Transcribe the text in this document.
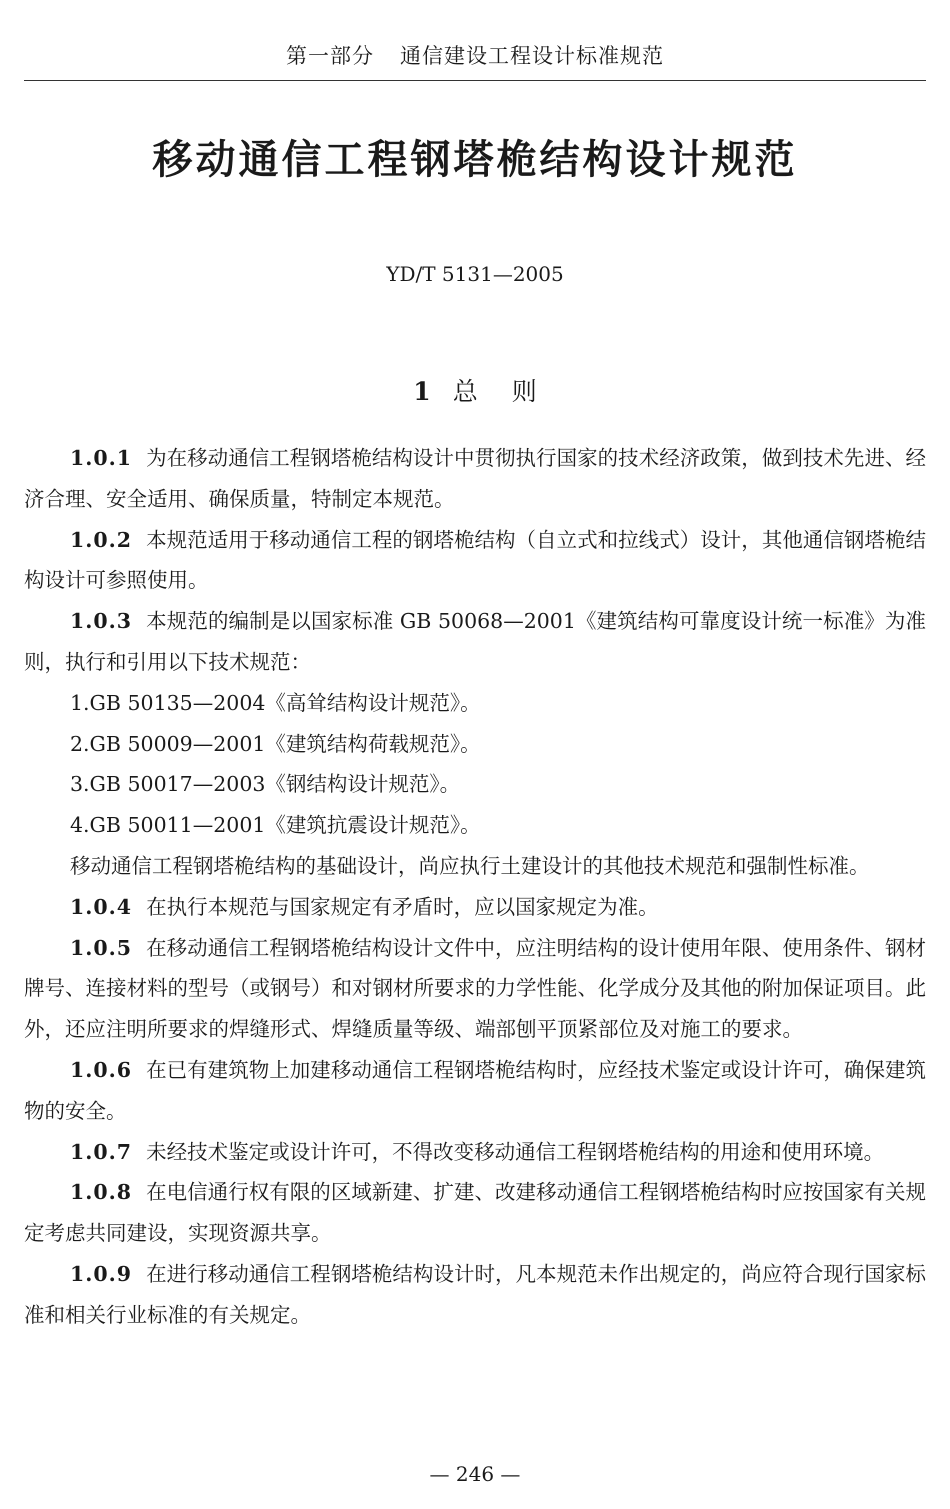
第一部分 通信建设工程设计标准规范
移动通信工程钢塔桅结构设计规范
YD/T 5131—2005
1 总则

1.0.1 为在移动通信工程钢塔桅结构设计中贯彻执行国家的技术经济政策，做到技术先进、经济合理、安全适用、确保质量，特制定本规范。

1.0.2 本规范适用于移动通信工程的钢塔桅结构（自立式和拉线式）设计，其他通信钢塔桅结构设计可参照使用。

1.0.3 本规范的编制是以国家标准 GB 50068—2001《建筑结构可靠度设计统一标准》为准则，执行和引用以下技术规范：

1.GB 50135—2004《高耸结构设计规范》。

2.GB 50009—2001《建筑结构荷载规范》。

3.GB 50017—2003《钢结构设计规范》。

4.GB 50011—2001《建筑抗震设计规范》。

移动通信工程钢塔桅结构的基础设计，尚应执行土建设计的其他技术规范和强制性标准。

1.0.4 在执行本规范与国家规定有矛盾时，应以国家规定为准。

1.0.5 在移动通信工程钢塔桅结构设计文件中，应注明结构的设计使用年限、使用条件、钢材牌号、连接材料的型号（或钢号）和对钢材所要求的力学性能、化学成分及其他的附加保证项目。此外，还应注明所要求的焊缝形式、焊缝质量等级、端部刨平顶紧部位及对施工的要求。

1.0.6 在已有建筑物上加建移动通信工程钢塔桅结构时，应经技术鉴定或设计许可，确保建筑物的安全。

1.0.7 未经技术鉴定或设计许可，不得改变移动通信工程钢塔桅结构的用途和使用环境。

1.0.8 在电信通行权有限的区域新建、扩建、改建移动通信工程钢塔桅结构时应按国家有关规定考虑共同建设，实现资源共享。

1.0.9 在进行移动通信工程钢塔桅结构设计时，凡本规范未作出规定的，尚应符合现行国家标准和相关行业标准的有关规定。

— 246 —
